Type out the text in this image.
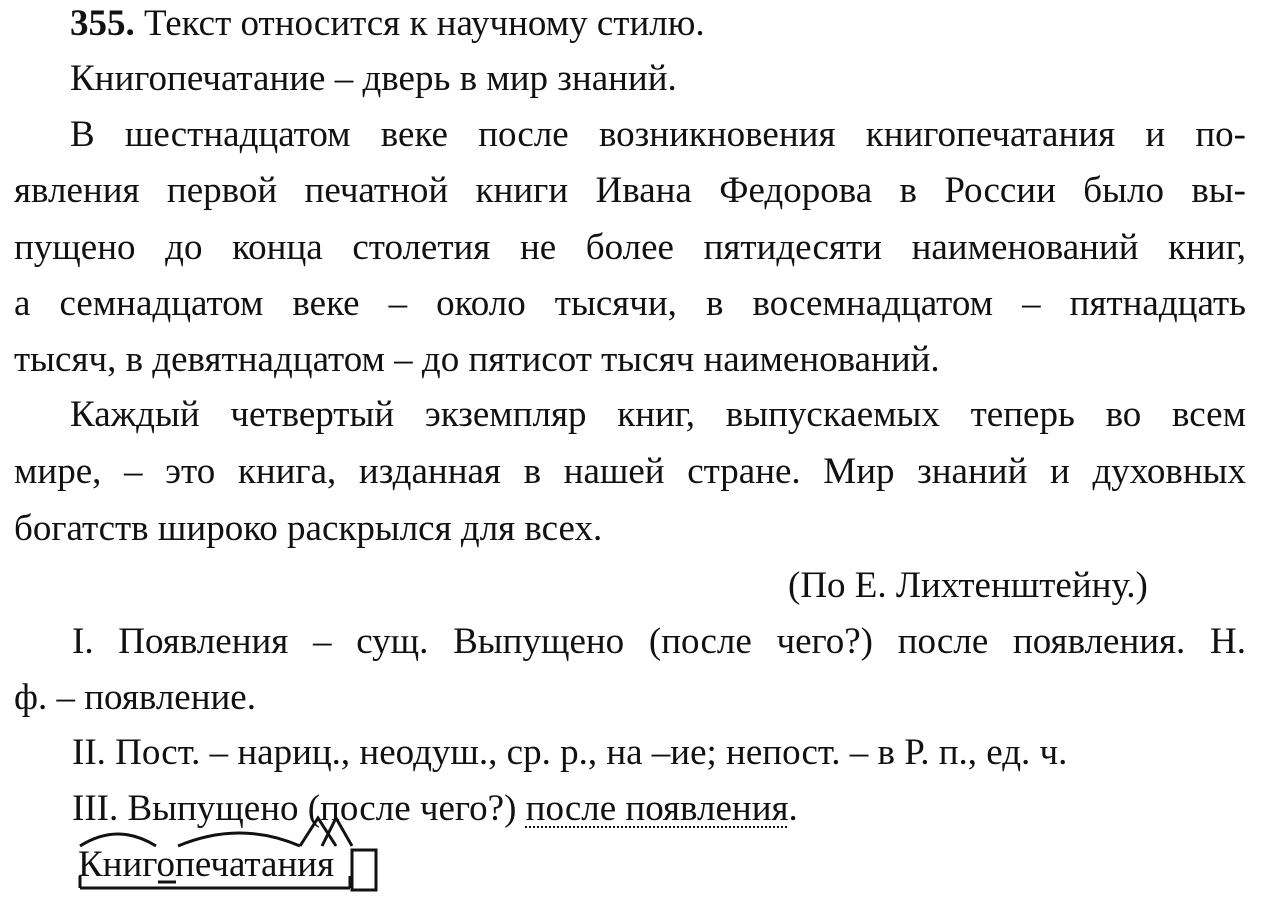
355. Текст относится к научному стилю.
Книгопечатание – дверь в мир знаний.
В шестнадцатом веке после возникновения книгопечатания и по-
явления первой печатной книги Ивана Федорова в России было вы-
пущено до конца столетия не более пятидесяти наименований книг,
а семнадцатом веке – около тысячи, в восемнадцатом – пятнадцать
тысяч, в девятнадцатом – до пятисот тысяч наименований.
Каждый четвертый экземпляр книг, выпускаемых теперь во всем
мире, – это книга, изданная в нашей стране. Мир знаний и духовных
богатств широко раскрылся для всех.
(По Е. Лихтенштейну.)
I. Появления – сущ. Выпущено (после чего?) после появления. Н.
ф. – появление.
II. Пост. – нариц., неодуш., ср. р., на –ие; непост. – в Р. п., ед. ч.
III. Выпущено (после чего?) после появления.
Книгопечатания
